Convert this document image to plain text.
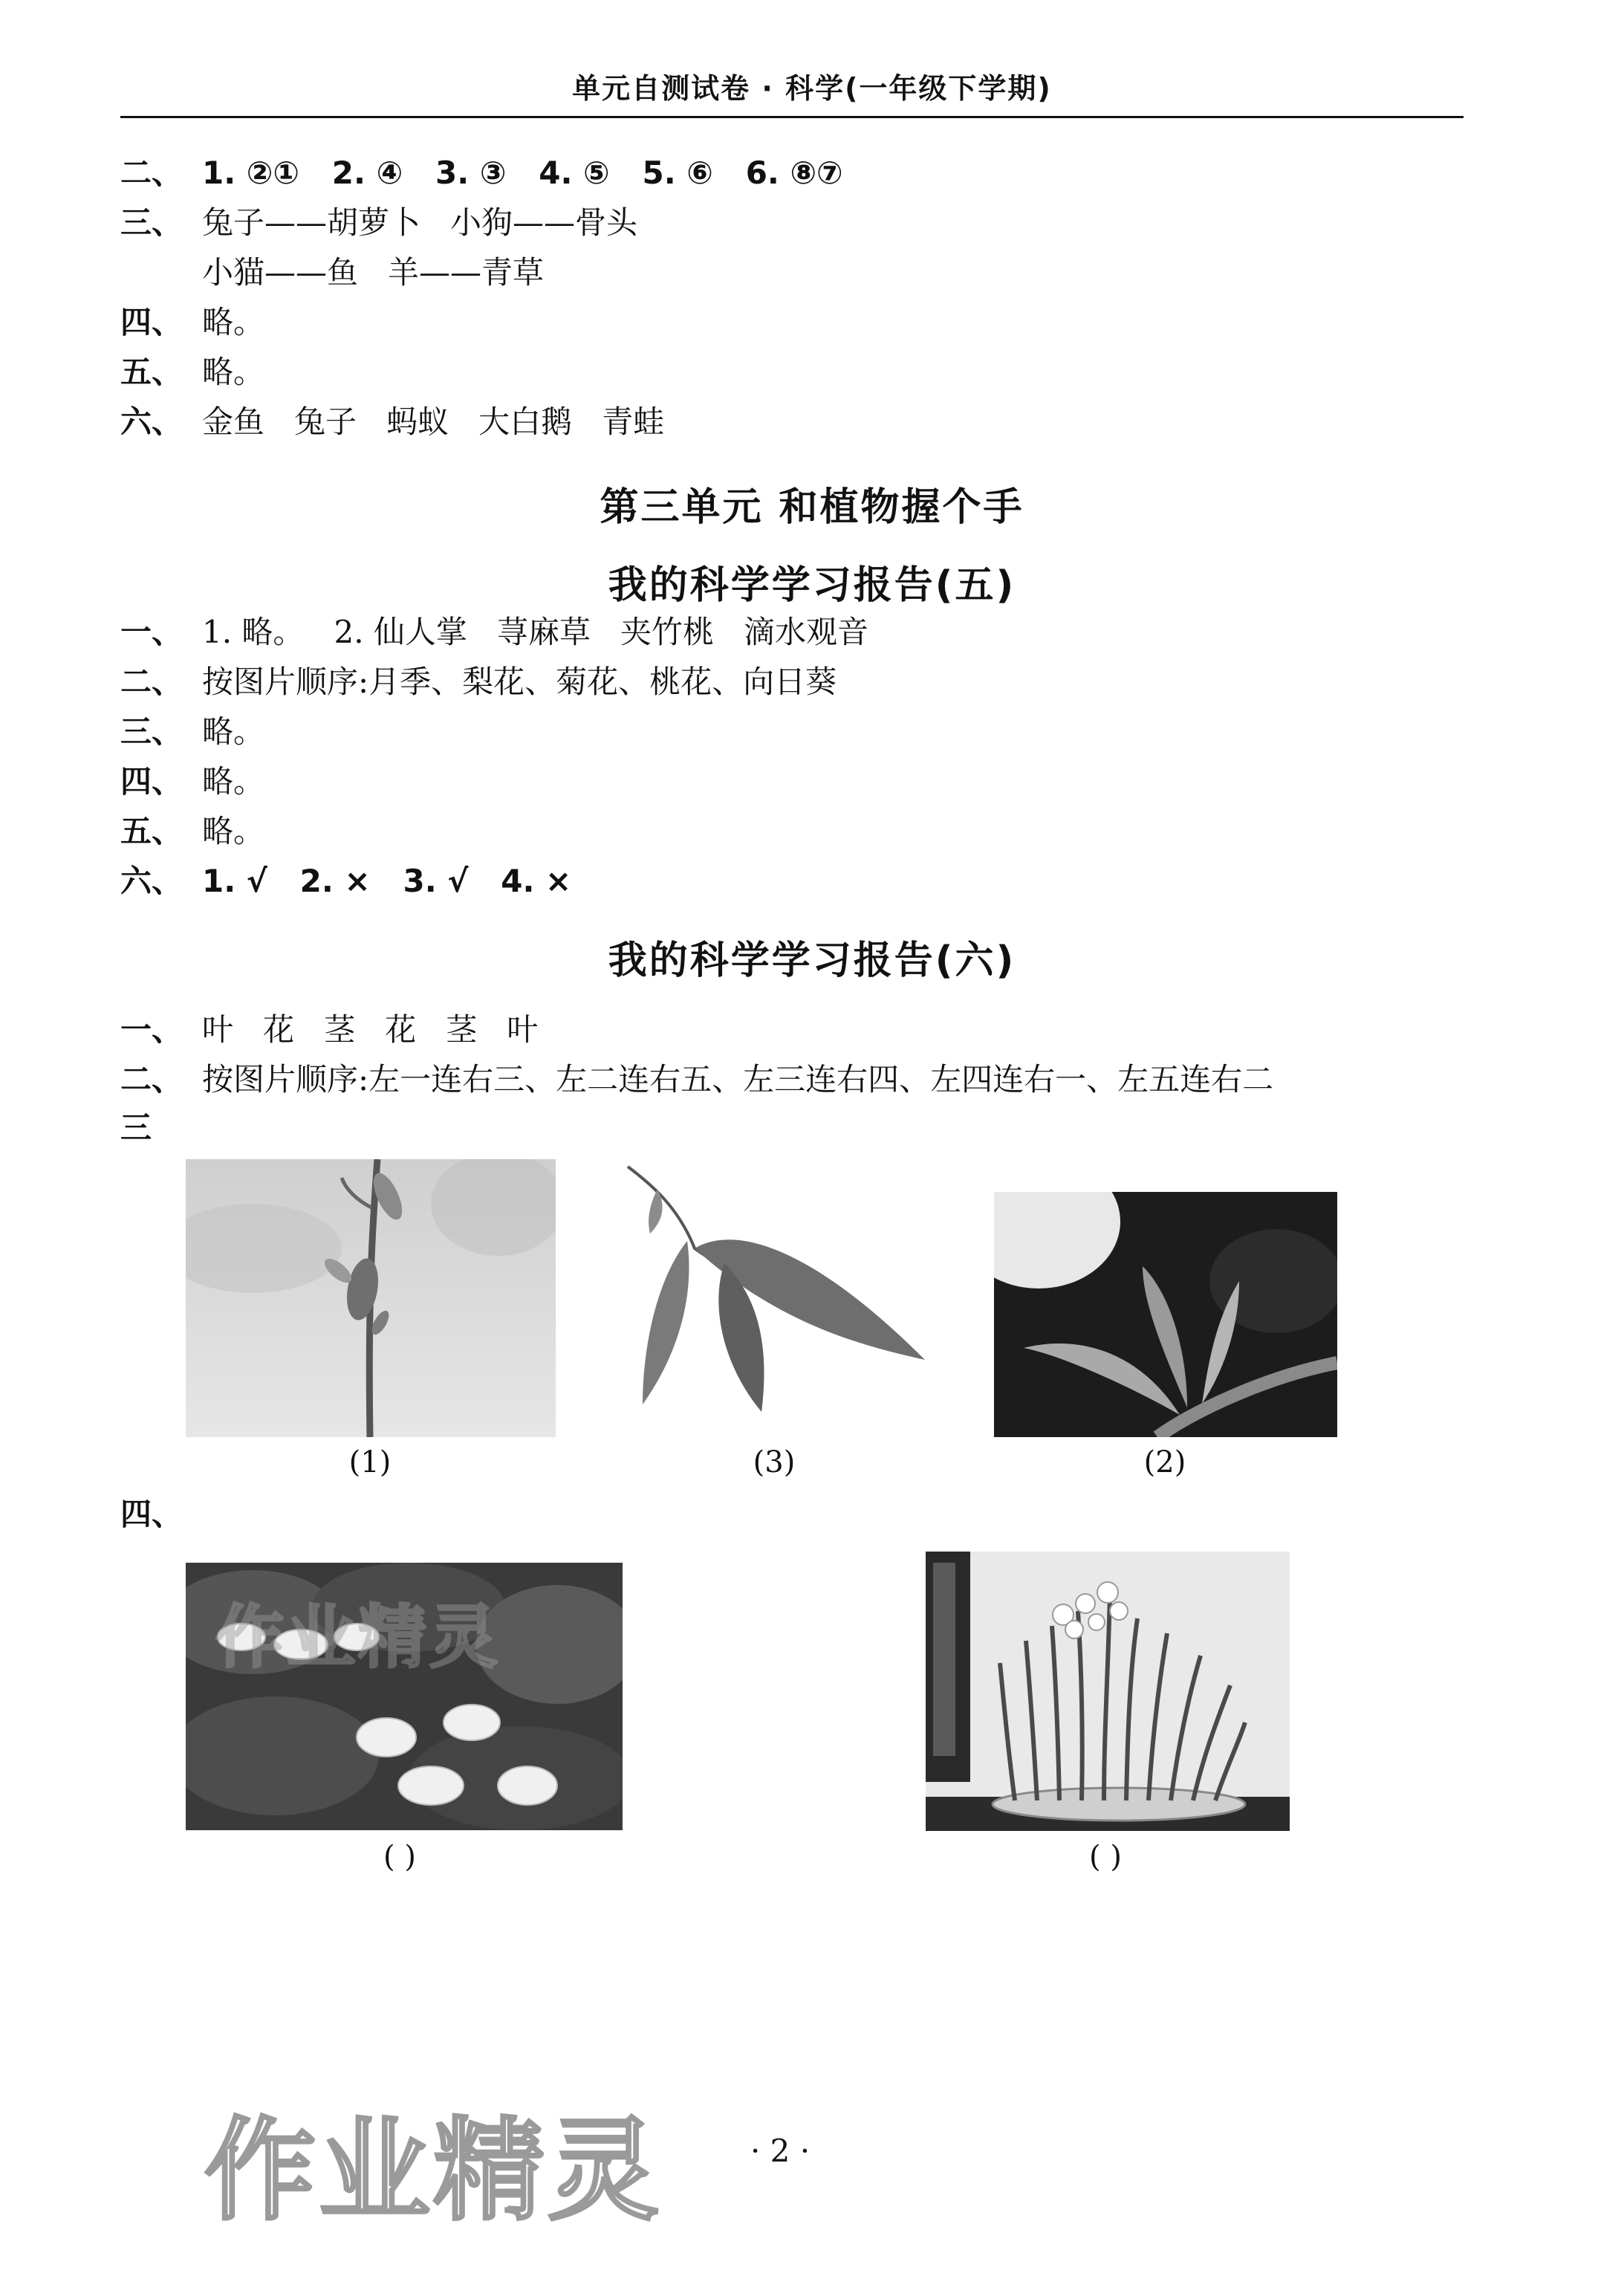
单元自测试卷 · 科学(一年级下学期)
二、 1. ②①   2. ④   3. ③   4. ⑤   5. ⑥   6. ⑧⑦
三、 兔子——胡萝卜   小狗——骨头
小猫——鱼   羊——青草
四、 略。
五、 略。
六、 金鱼   兔子   蚂蚁   大白鹅   青蛙
第三单元 和植物握个手
我的科学学习报告(五)
一、 1. 略。   2. 仙人掌   荨麻草   夹竹桃   滴水观音
二、 按图片顺序:月季、梨花、菊花、桃花、向日葵
三、 略。
四、 略。
五、 略。
六、 1. √   2. ×   3. √   4. ×
我的科学学习报告(六)
一、 叶   花   茎   花   茎   叶
二、 按图片顺序:左一连右三、左二连右五、左三连右四、左四连右一、左五连右二
三
(1)	(3)	(2)
四、
( )	( )
作业精灵
作业精灵	· 2 ·
